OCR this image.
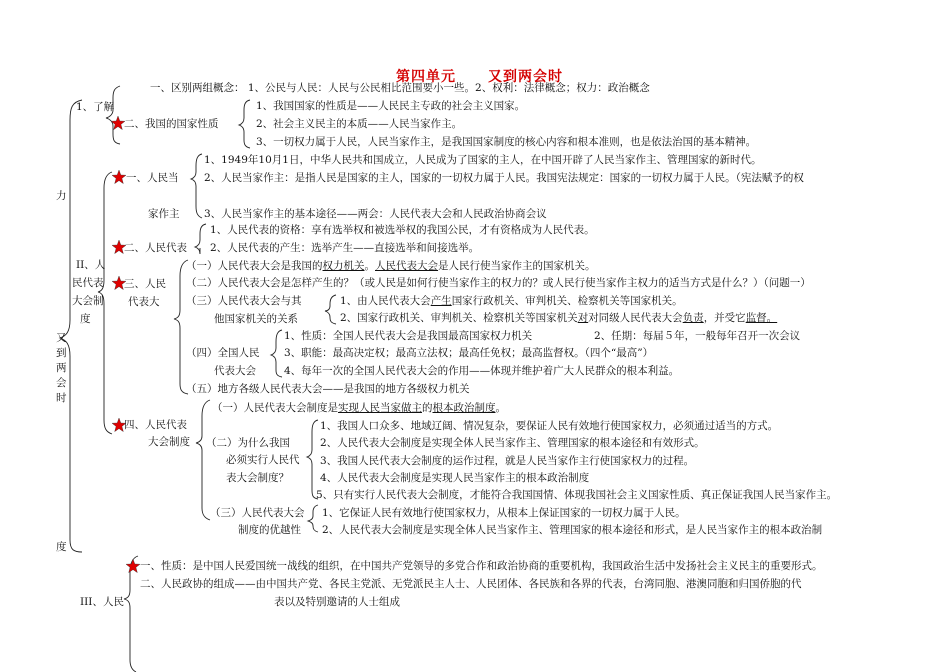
第四单元 又到两会时
力
又
到
两
会
时
度
1、了解
一、区别两组概念： 1、公民与人民：人民与公民相比范围要小一些。2、权利：法律概念；权力：政治概念
二、我国的国家性质
1、我国国家的性质是——人民民主专政的社会主义国家。
2、社会主义民主的本质——人民当家作主。
3、一切权力属于人民，人民当家作主，是我国国家制度的核心内容和根本准则，也是依法治国的基本精神。
II、人
民代表
大会制
度
一、人民当
家作主
1、1949年10月1日，中华人民共和国成立，人民成为了国家的主人，在中国开辟了人民当家作主、管理国家的新时代。
2、人民当家作主：是指人民是国家的主人，国家的一切权力属于人民。我国宪法规定：国家的一切权力属于人民。（宪法赋予的权
3、人民当家作主的基本途径——两会：人民代表大会和人民政治协商会议
二、人民代表
1、人民代表的资格：享有选举权和被选举权的我国公民，才有资格成为人民代表。
2、人民代表的产生：选举产生——直接选举和间接选举。
三、人民
代表大
（一）人民代表大会是我国的权力机关。人民代表大会是人民行使当家作主的国家机关。
（二）人民代表大会是怎样产生的？（或人民是如何行使当家作主的权力的？或人民行使当家作主权力的适当方式是什么？）（问题一）
（三）人民代表大会与其
他国家机关的关系
1、由人民代表大会产生国家行政机关、审判机关、检察机关等国家机关。
2、国家行政机关、审判机关、检察机关等国家机关对对同级人民代表大会负责，并受它监督。
（四）全国人民
代表大会
1、性质：全国人民代表大会是我国最高国家权力机关	2、任期：每届５年，一般每年召开一次会议
3、职能：最高决定权；最高立法权；最高任免权；最高监督权。（四个“最高”）
4、每年一次的全国人民代表大会的作用——体现并维护着广大人民群众的根本利益。
（五）地方各级人民代表大会——是我国的地方各级权力机关
四、人民代表
大会制度
（一）人民代表大会制度是实现人民当家做主的根本政治制度。
（二）为什么我国
必须实行人民代
表大会制度？
1、我国人口众多、地域辽阔、情况复杂，要保证人民有效地行使国家权力，必须通过适当的方式。
2、人民代表大会制度是实现全体人民当家作主、管理国家的根本途径和有效形式。
3、我国人民代表大会制度的运作过程，就是人民当家作主行使国家权力的过程。
4、人民代表大会制度是实现人民当家作主的根本政治制度
5、只有实行人民代表大会制度，才能符合我国国情、体现我国社会主义国家性质、真正保证我国人民当家作主。
（三）人民代表大会
制度的优越性
1、它保证人民有效地行使国家权力，从根本上保证国家的一切权力属于人民。
2、人民代表大会制度是实现全体人民当家作主、管理国家的根本途径和形式，是人民当家作主的根本政治制
III、人民
一、性质：是中国人民爱国统一战线的组织，在中国共产党领导的多党合作和政治协商的重要机构，我国政治生活中发扬社会主义民主的重要形式。
二、人民政协的组成——由中国共产党、各民主党派、无党派民主人士、人民团体、各民族和各界的代表，台湾同胞、港澳同胞和归国侨胞的代
表以及特别邀请的人士组成
